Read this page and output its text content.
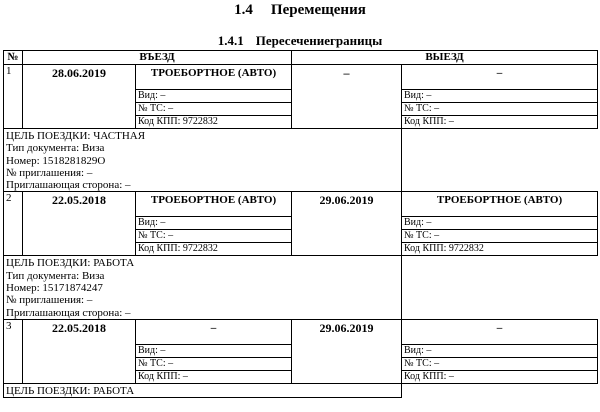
1.4 Перемещения
1.4.1 Пересечениеграницы
№	ВЪЕЗД		ВЫЕЗД	
1	28.06.2019	ТРОЕБОРТНОЕ (АВТО)	–	–
		Вид: –		Вид: –
		№ ТС: –		№ ТС: –
		Код КПП: 9722832		Код КПП: –

ЦЕЛЬ ПОЕЗДКИ: ЧАСТНАЯ
Тип документа: Виза
Номер: 1518281829О
№ приглашения: –
Приглашающая сторона: –				

2	22.05.2018	ТРОЕБОРТНОЕ (АВТО)	29.06.2019	ТРОЕБОРТНОЕ (АВТО)
		Вид: –		Вид: –
		№ ТС: –		№ ТС: –
		Код КПП: 9722832		Код КПП: 9722832

ЦЕЛЬ ПОЕЗДКИ: РАБОТА
Тип документа: Виза
Номер: 15171874247
№ приглашения: –
Приглашающая сторона: –				

3	22.05.2018	–	29.06.2019	–
		Вид: –		Вид: –
		№ ТС: –		№ ТС: –
		Код КПП: –		Код КПП: –

ЦЕЛЬ ПОЕЗДКИ: РАБОТА				
